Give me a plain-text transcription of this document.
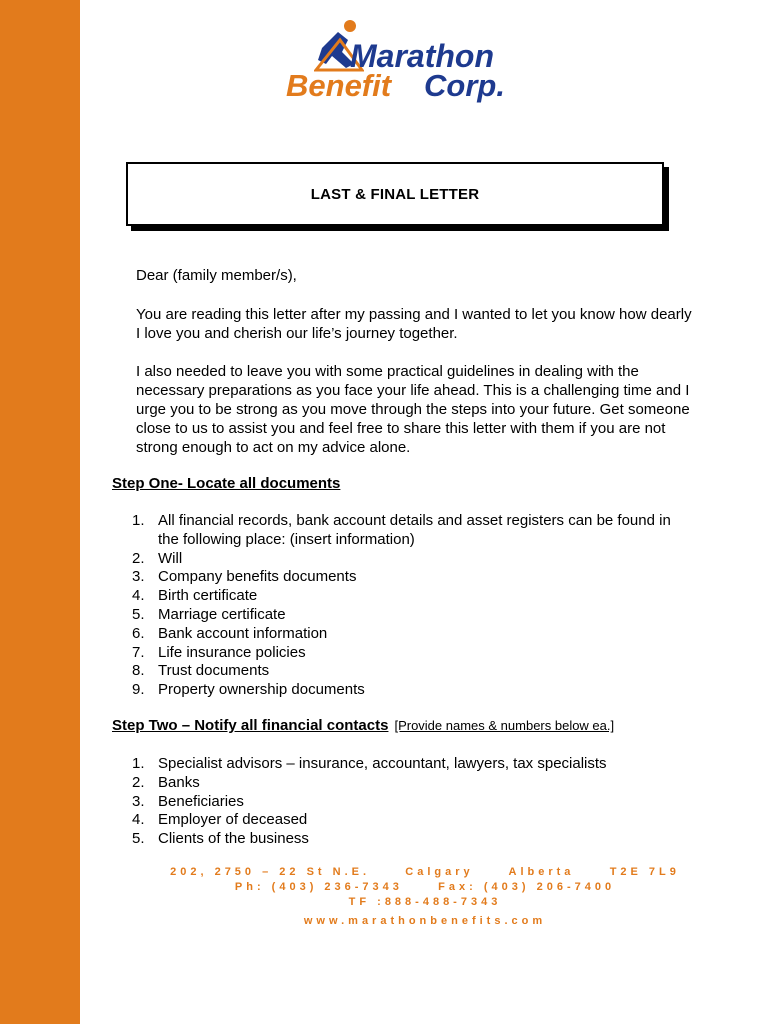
Marathon
Benefit Corp.
LAST & FINAL LETTER
Dear (family member/s),
You are reading this letter after my passing and I wanted to let you know how dearly I love you and cherish our life’s journey together.
I also needed to leave you with some practical guidelines in dealing with the necessary preparations as you face your life ahead. This is a challenging time and I urge you to be strong as you move through the steps into your future. Get someone close to us to assist you and feel free to share this letter with them if you are not strong enough to act on my advice alone.
Step One- Locate all documents
1. All financial records, bank account details and asset registers can be found in the following place: (insert information)
2. Will
3. Company benefits documents
4. Birth certificate
5. Marriage certificate
6. Bank account information
7. Life insurance policies
8. Trust documents
9. Property ownership documents
Step Two – Notify all financial contacts [Provide names & numbers below ea.]
1. Specialist advisors – insurance, accountant, lawyers, tax specialists
2. Banks
3. Beneficiaries
4. Employer of deceased
5. Clients of the business
202, 2750 – 22 St N.E.     Calgary     Alberta     T2E 7L9
Ph: (403) 236-7343     Fax: (403) 206-7400
TF :888-488-7343
www.marathonbenefits.com
